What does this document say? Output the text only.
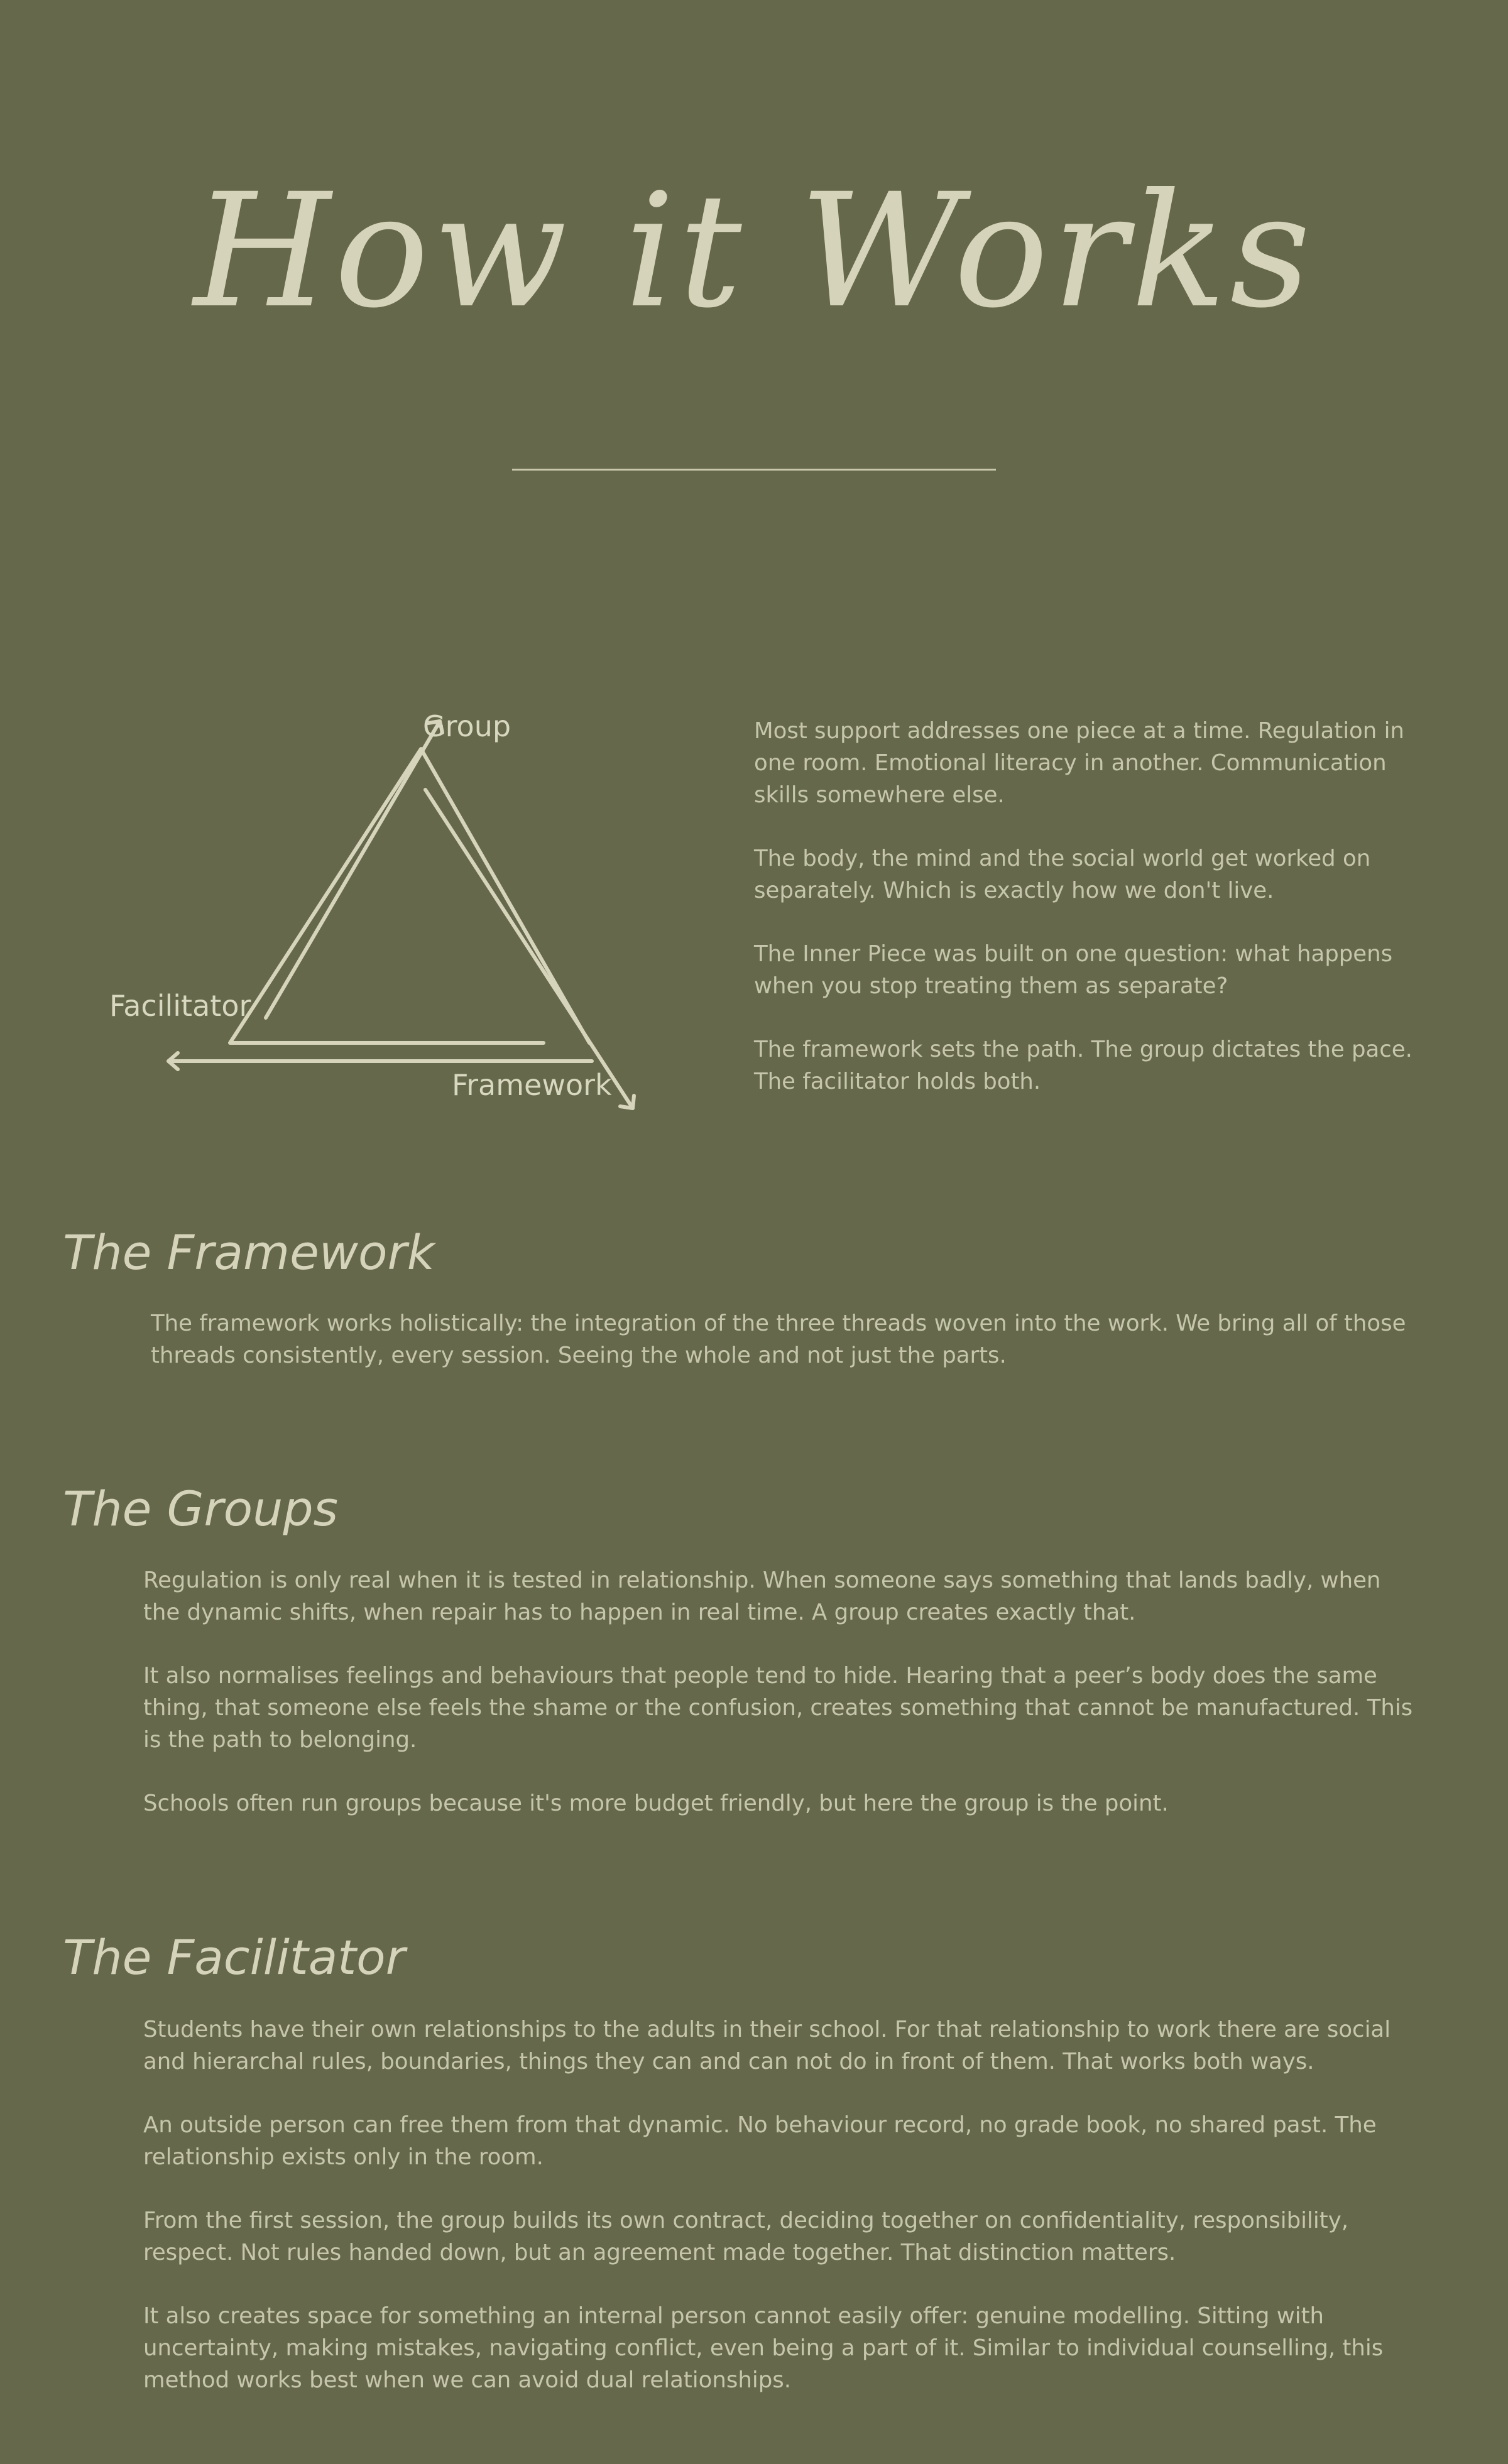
How it Works
Group
Facilitator
Framework

Most support addresses one piece at a time. Regulation in one room. Emotional literacy in another. Communication skills somewhere else.

The body, the mind and the social world get worked on separately. Which is exactly how we don't live.

The Inner Piece was built on one question: what happens when you stop treating them as separate?

The framework sets the path. The group dictates the pace. The facilitator holds both.

The Framework

The framework works holistically: the integration of the three threads woven into the work. We bring all of those threads consistently, every session. Seeing the whole and not just the parts.

The Groups

Regulation is only real when it is tested in relationship. When someone says something that lands badly, when the dynamic shifts, when repair has to happen in real time. A group creates exactly that.

It also normalises feelings and behaviours that people tend to hide. Hearing that a peer’s body does the same thing, that someone else feels the shame or the confusion, creates something that cannot be manufactured. This is the path to belonging.

Schools often run groups because it's more budget friendly, but here the group is the point.

The Facilitator

Students have their own relationships to the adults in their school. For that relationship to work there are social and hierarchal rules, boundaries, things they can and can not do in front of them. That works both ways.

An outside person can free them from that dynamic. No behaviour record, no grade book, no shared past. The relationship exists only in the room.

From the first session, the group builds its own contract, deciding together on confidentiality, responsibility, respect. Not rules handed down, but an agreement made together. That distinction matters.

It also creates space for something an internal person cannot easily offer: genuine modelling. Sitting with uncertainty, making mistakes, navigating conflict, even being a part of it. Similar to individual counselling, this method works best when we can avoid dual relationships.
